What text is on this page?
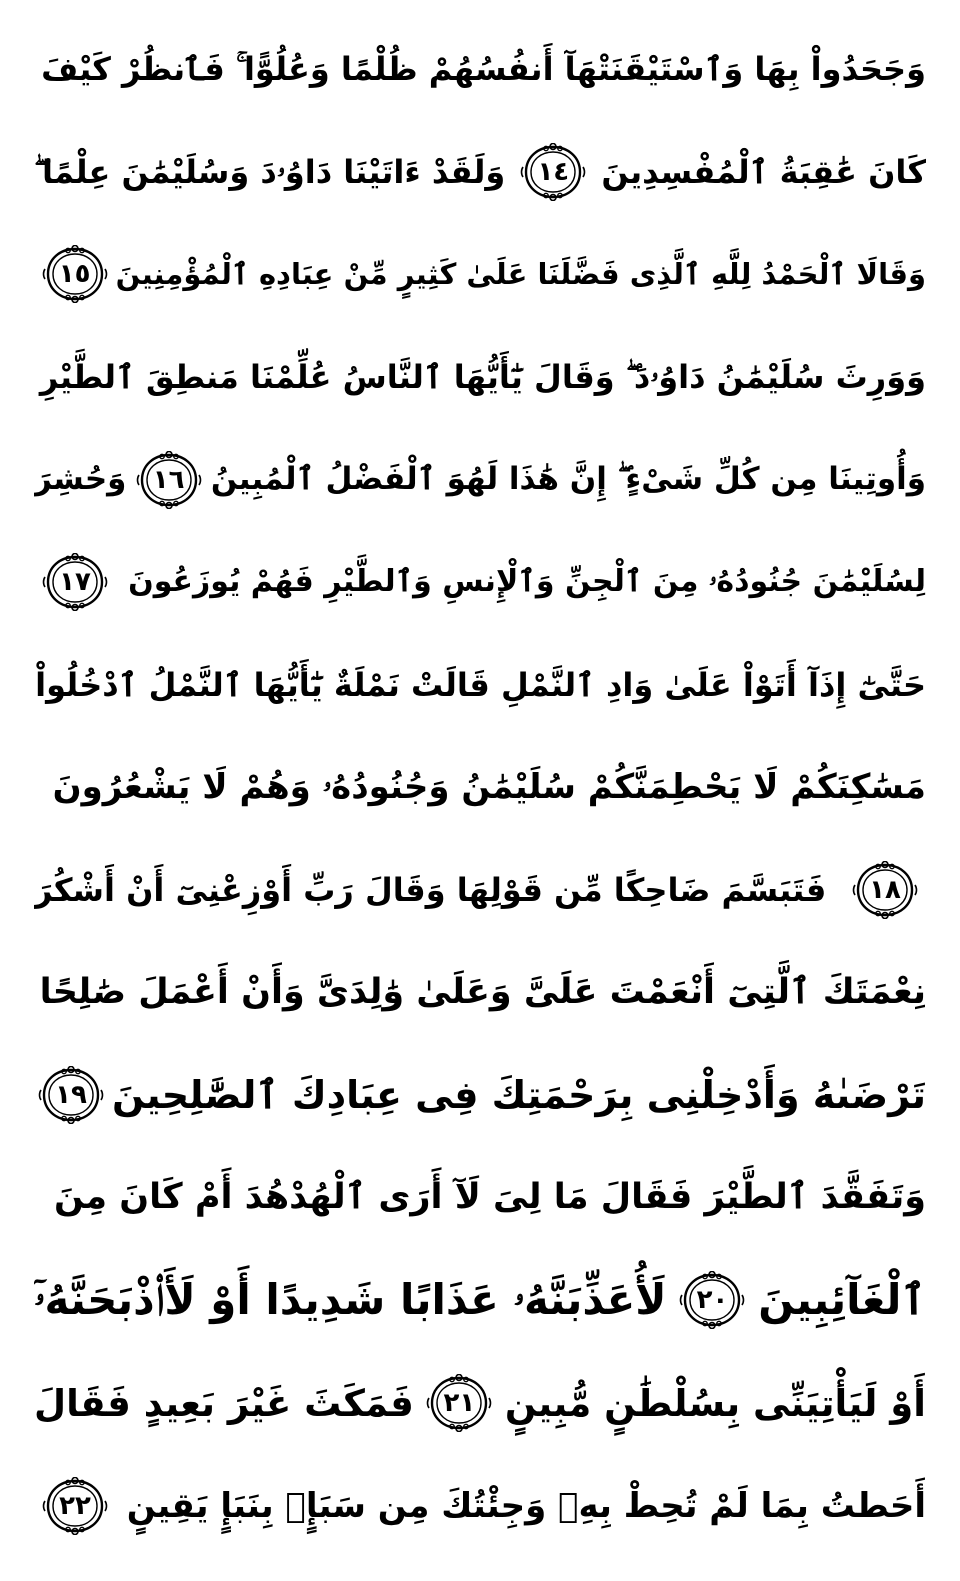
وَجَحَدُواْ بِهَا وَٱسْتَيْقَنَتْهَآ أَنفُسُهُمْ ظُلْمًا وَعُلُوًّا ۚ فَٱنظُرْ كَيْفَ
كَانَ عَٰقِبَةُ ٱلْمُفْسِدِينَ
١٤
وَلَقَدْ ءَاتَيْنَا دَاوُۥدَ وَسُلَيْمَٰنَ عِلْمًا ۖ
وَقَالَا ٱلْحَمْدُ لِلَّهِ ٱلَّذِى فَضَّلَنَا عَلَىٰ كَثِيرٍ مِّنْ عِبَادِهِ ٱلْمُؤْمِنِينَ
١٥
وَوَرِثَ سُلَيْمَٰنُ دَاوُۥدَ ۖ وَقَالَ يَٰٓأَيُّهَا ٱلنَّاسُ عُلِّمْنَا مَنطِقَ ٱلطَّيْرِ
وَأُوتِينَا مِن كُلِّ شَىْءٍ ۖ إِنَّ هَٰذَا لَهُوَ ٱلْفَضْلُ ٱلْمُبِينُ
١٦
وَحُشِرَ
لِسُلَيْمَٰنَ جُنُودُهُۥ مِنَ ٱلْجِنِّ وَٱلْإِنسِ وَٱلطَّيْرِ فَهُمْ يُوزَعُونَ
١٧
حَتَّىٰٓ إِذَآ أَتَوْاْ عَلَىٰ وَادِ ٱلنَّمْلِ قَالَتْ نَمْلَةٌ يَٰٓأَيُّهَا ٱلنَّمْلُ ٱدْخُلُواْ
مَسَٰكِنَكُمْ لَا يَحْطِمَنَّكُمْ سُلَيْمَٰنُ وَجُنُودُهُۥ وَهُمْ لَا يَشْعُرُونَ
١٨
فَتَبَسَّمَ ضَاحِكًا مِّن قَوْلِهَا وَقَالَ رَبِّ أَوْزِعْنِىٓ أَنْ أَشْكُرَ
نِعْمَتَكَ ٱلَّتِىٓ أَنْعَمْتَ عَلَىَّ وَعَلَىٰ وَٰلِدَىَّ وَأَنْ أَعْمَلَ صَٰلِحًا
تَرْضَىٰهُ وَأَدْخِلْنِى بِرَحْمَتِكَ فِى عِبَادِكَ ٱلصَّٰلِحِينَ
١٩
وَتَفَقَّدَ ٱلطَّيْرَ فَقَالَ مَا لِىَ لَآ أَرَى ٱلْهُدْهُدَ أَمْ كَانَ مِنَ
ٱلْغَآئِبِينَ
٢٠
لَأُعَذِّبَنَّهُۥ عَذَابًا شَدِيدًا أَوْ لَأَا۟ذْبَحَنَّهُۥٓ
أَوْ لَيَأْتِيَنِّى بِسُلْطَٰنٍ مُّبِينٍ
٢١
فَمَكَثَ غَيْرَ بَعِيدٍ فَقَالَ
أَحَطتُ بِمَا لَمْ تُحِطْ بِهِۦ وَجِئْتُكَ مِن سَبَإٍۭ بِنَبَإٍ يَقِينٍ
٢٢
